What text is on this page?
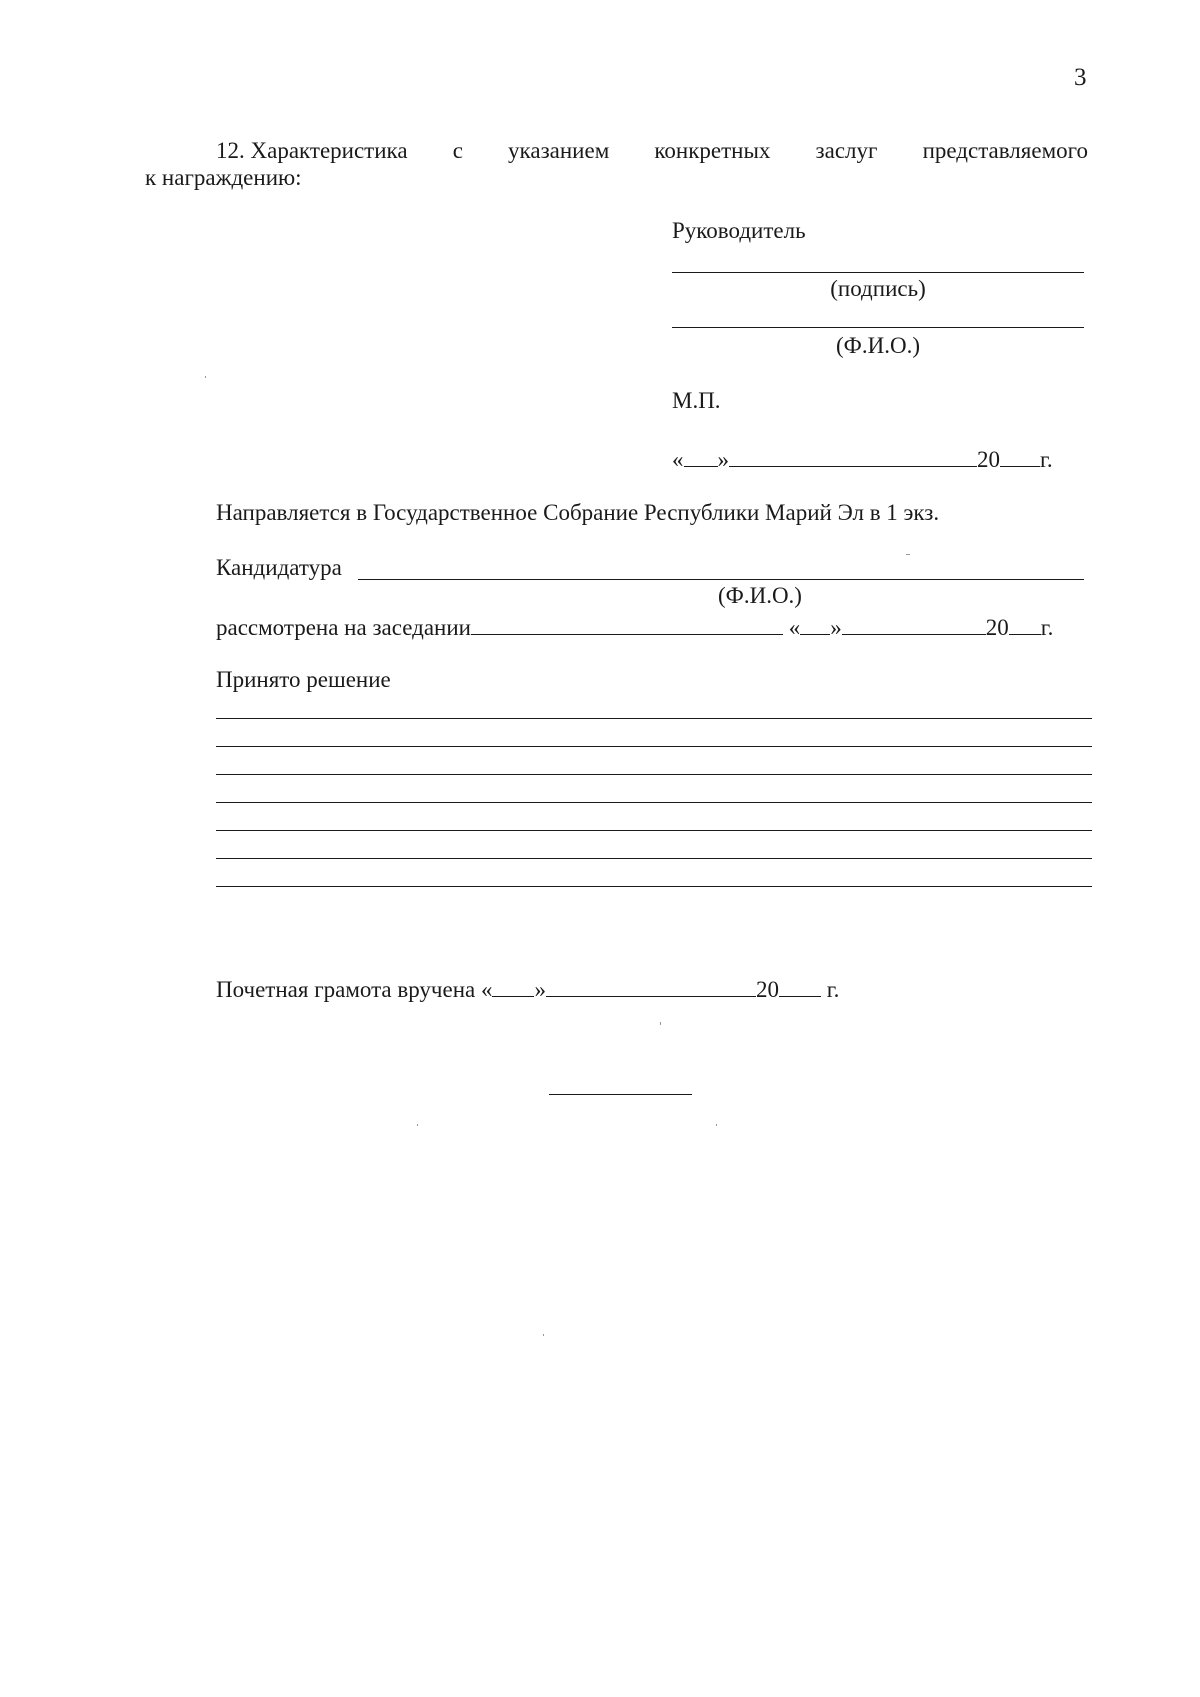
3
12. Характеристика с указанием конкретных заслуг представляемого
к награждению:
Руководитель
(подпись)
(Ф.И.О.)
М.П.
« »	20 г.
Направляется в Государственное Собрание Республики Марий Эл в 1 экз.
Кандидатура
(Ф.И.О.)
рассмотрена на заседании	« »	20 г.
Принято решение
Почетная грамота вручена « »	20 г.
